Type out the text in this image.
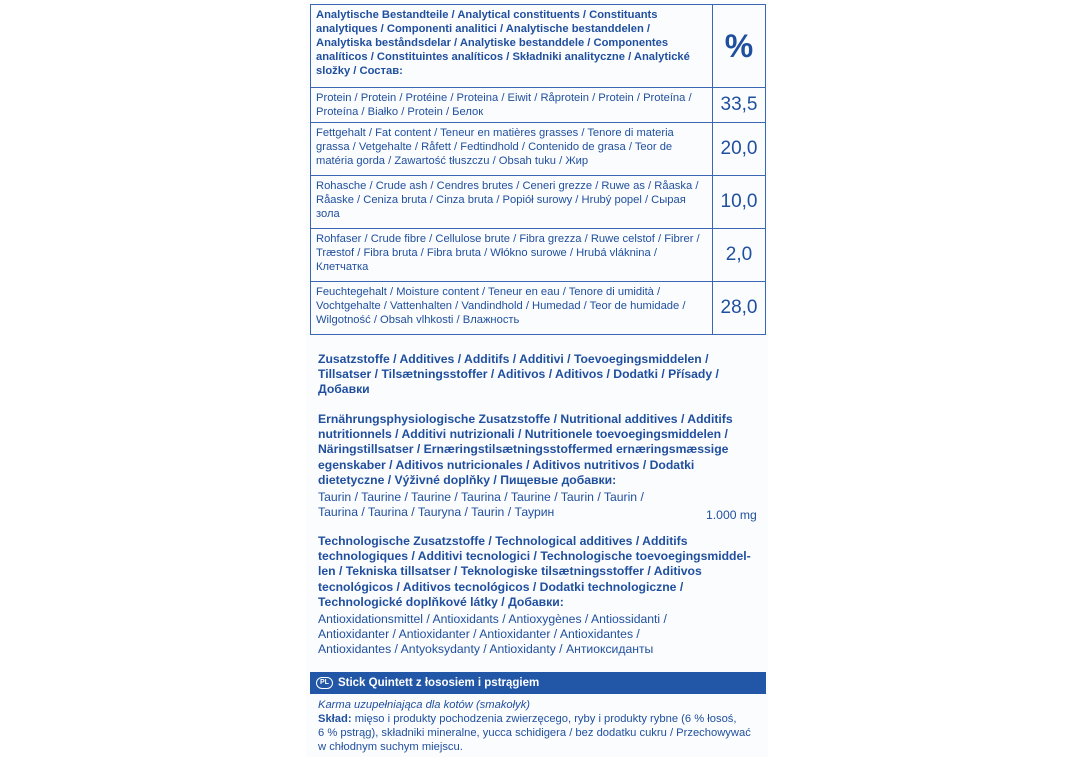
Analytische Bestandteile / Analytical constituents / Constituants
analytiques / Componenti analitici / Analytische bestanddelen /
Analytiska beståndsdelar / Analytiske bestanddele / Componentes
analíticos / Constituintes analíticos / Składniki analityczne / Analytické
složky / Состав:	%

Protein / Protein / Protéine / Proteina / Eiwit / Råprotein / Protein / Proteína /
Proteína / Białko / Protein / Белок	33,5

Fettgehalt / Fat content / Teneur en matières grasses / Tenore di materia
grassa / Vetgehalte / Råfett / Fedtindhold / Contenido de grasa / Teor de
matéria gorda / Zawartość tłuszczu / Obsah tuku / Жир	20,0

Rohasche / Crude ash / Cendres brutes / Ceneri grezze / Ruwe as / Råaska /
Råaske / Ceniza bruta / Cinza bruta / Popiół surowy / Hrubý popel / Сырая
зола	10,0

Rohfaser / Crude fibre / Cellulose brute / Fibra grezza / Ruwe celstof / Fibrer /
Træstof / Fibra bruta / Fibra bruta / Włókno surowe / Hrubá vláknina /
Клетчатка	2,0

Feuchtegehalt / Moisture content / Teneur en eau / Tenore di umidità /
Vochtgehalte / Vattenhalten / Vandindhold / Humedad / Teor de humidade /
Wilgotność / Obsah vlhkosti / Влажность	28,0
Zusatzstoffe / Additives / Additifs / Additivi / Toevoegingsmiddelen /
Tillsatser / Tilsætningsstoffer / Aditivos / Aditivos / Dodatki / Přísady /
Добавки
Ernährungsphysiologische Zusatzstoffe / Nutritional additives / Additifs
nutritionnels / Additivi nutrizionali / Nutritionele toevoegingsmiddelen /
Näringstillsatser / Ernæringstilsætningsstoffermed ernæringsmæssige
egenskaber / Aditivos nutricionales / Aditivos nutritivos / Dodatki
dietetyczne / Výživné doplňky / Пищевые добавки:
Taurin / Taurine / Taurine / Taurina / Taurine / Taurin / Taurin /
Taurina / Taurina / Tauryna / Taurin / Таурин	1.000 mg
Technologische Zusatzstoffe / Technological additives / Additifs
technologiques / Additivi tecnologici / Technologische toevoegingsmiddel-
len / Tekniska tillsatser / Teknologiske tilsætningsstoffer / Aditivos
tecnológicos / Aditivos tecnológicos / Dodatki technologiczne /
Technologické doplňkové látky / Добавки:
Antioxidationsmittel / Antioxidants / Antioxygènes / Antiossidanti /
Antioxidanter / Antioxidanter / Antioxidanter / Antioxidantes /
Antioxidantes / Antyoksydanty / Antioxidanty / Антиоксиданты
PL Stick Quintett z łososiem i pstrągiem
Karma uzupełniająca dla kotów (smakołyk)
Skład: mięso i produkty pochodzenia zwierzęcego, ryby i produkty rybne (6 % łosoś,
6 % pstrąg), składniki mineralne, yucca schidigera / bez dodatku cukru / Przechowywać
w chłodnym suchym miejscu.
